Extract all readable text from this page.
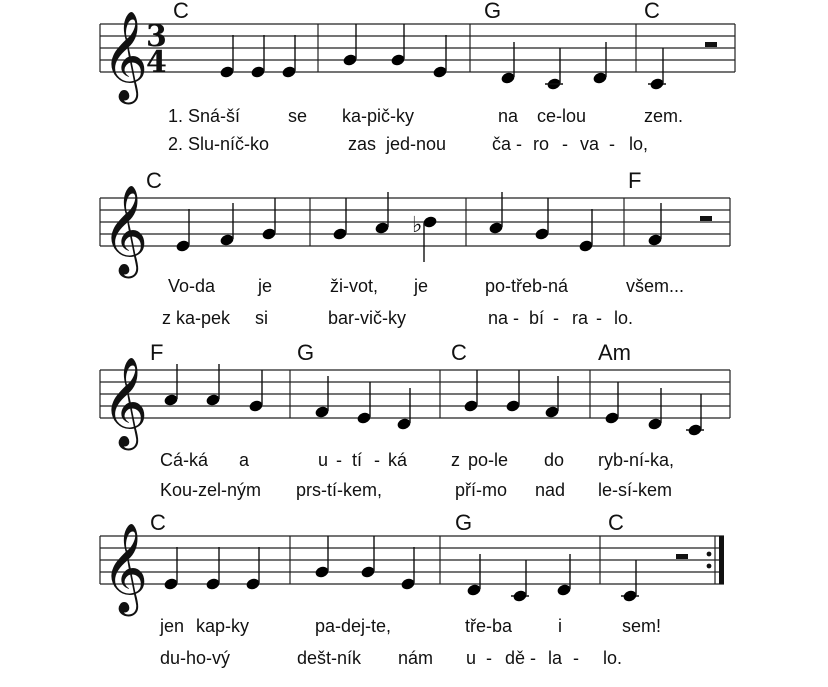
C	G	C
𝄞
3
4
1. Sná-ší	se ka-pič-ky	na ce-lou	zem.
2. Slu-níč-ko	zas jed-nou	ča - ro - va - lo,
C	F
𝄞	♭
Vo-da je	ži-vot, je	po-třeb-ná	všem...
z ka-pek si	bar-vič-ky	na - bí - ra - lo.
F	G	C	Am
𝄞
Cá-ká a	u - tí - ká z po-le do ryb-ní-ka,
Kou-zel-ným prs-tí-kem,	pří-mo nad le-sí-kem
C	G	C
𝄞
jen kap-ky	pa-dej-te,	tře-ba	i	sem!
du-ho-vý	dešt-ník nám u - dě - la - lo.
